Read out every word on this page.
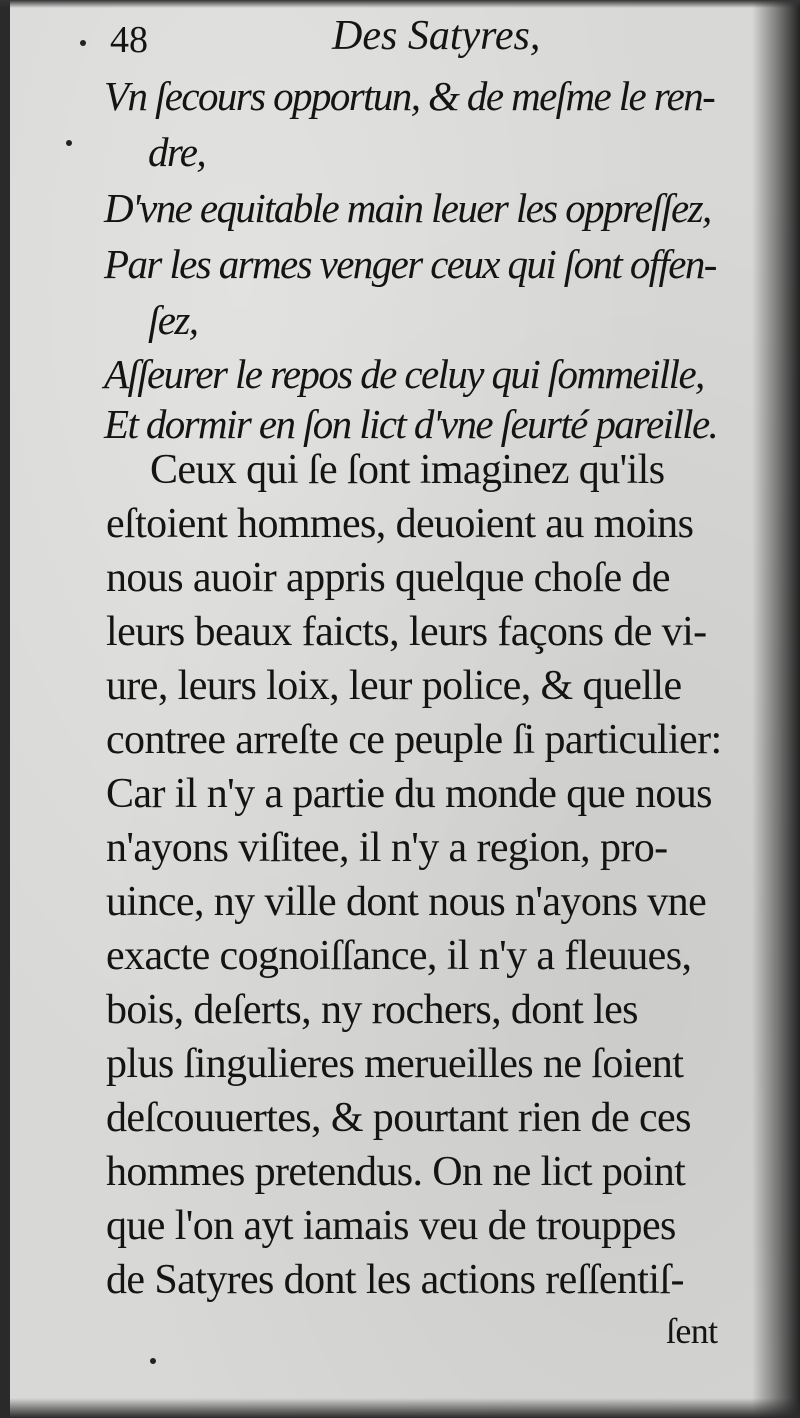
48	Des Satyres,

Vn ſecours opportun, & de meſme le ren-

dre,

D'vne equitable main leuer les oppreſſez,

Par les armes venger ceux qui ſont offen-

ſez,

Aſſeurer le repos de celuy qui ſommeille,

Et dormir en ſon lict d'vne ſeurté pareille.

Ceux qui ſe ſont imaginez qu'ils

eſtoient hommes, deuoient au moins

nous auoir appris quelque choſe de

leurs beaux faicts, leurs façons de vi-

ure, leurs loix, leur police, & quelle

contree arreſte ce peuple ſi particulier:

Car il n'y a partie du monde que nous

n'ayons viſitee, il n'y a region, pro-

uince, ny ville dont nous n'ayons vne

exacte cognoiſſance, il n'y a fleuues,

bois, deſerts, ny rochers, dont les

plus ſingulieres merueilles ne ſoient

deſcouuertes, & pourtant rien de ces

hommes pretendus. On ne lict point

que l'on ayt iamais veu de trouppes

de Satyres dont les actions reſſentiſ-

ſent
